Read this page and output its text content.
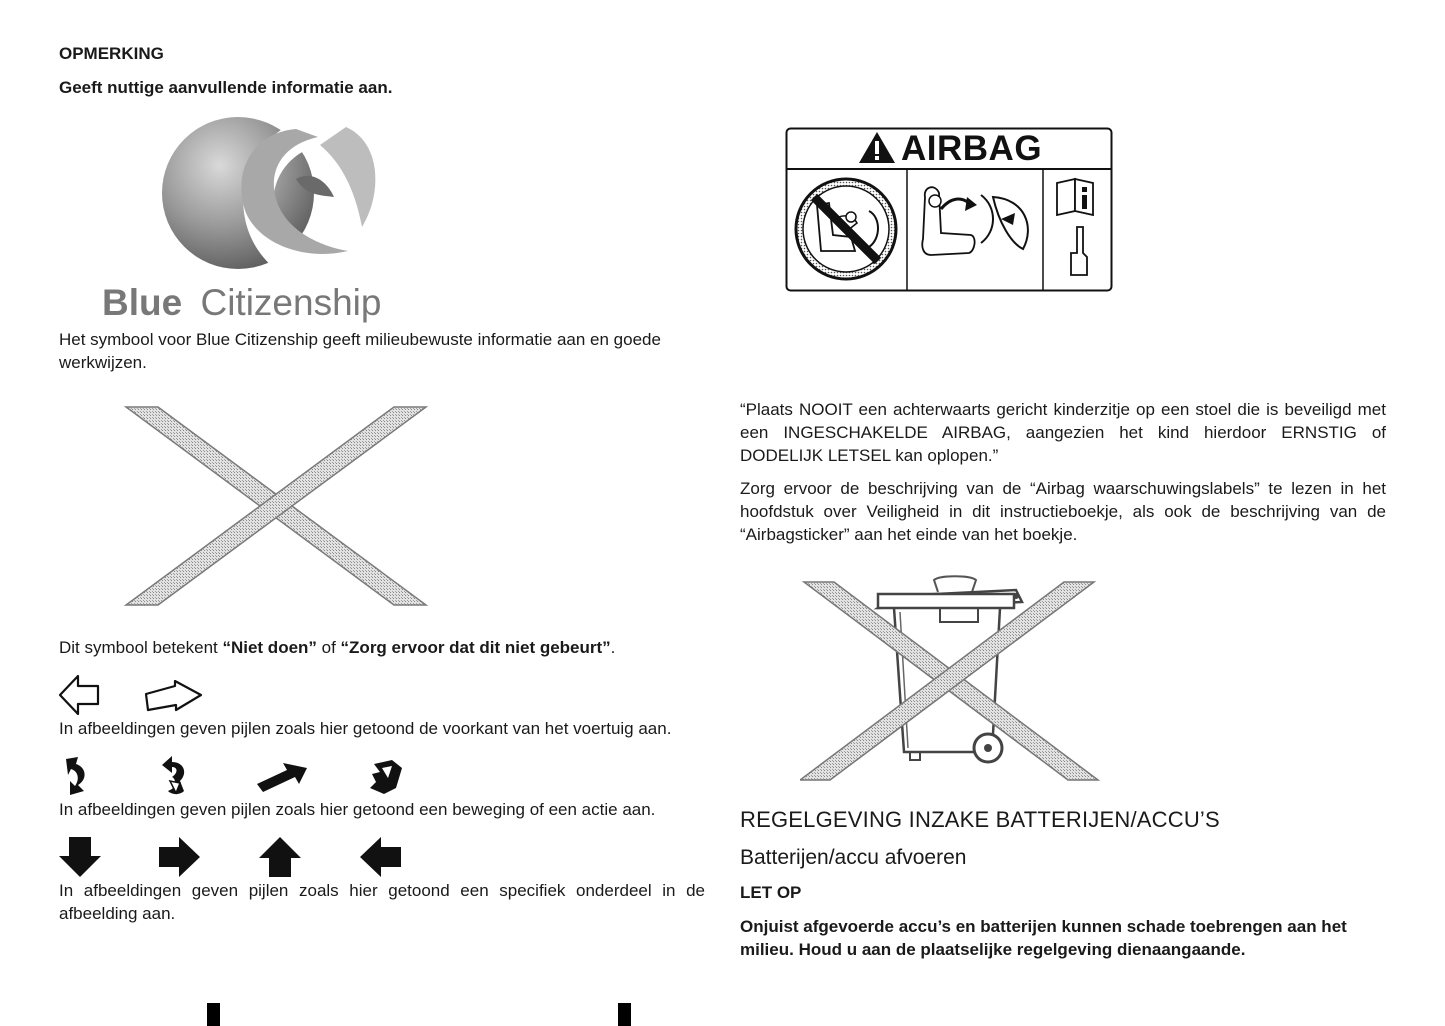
OPMERKING
Geeft nuttige aanvullende informatie aan.
Blue Citizenship
Het symbool voor Blue Citizenship geeft milieubewuste informatie aan en goede werkwijzen.
Dit symbool betekent “Niet doen” of “Zorg ervoor dat dit niet gebeurt”.
In afbeeldingen geven pijlen zoals hier getoond de voorkant van het voertuig aan.
In afbeeldingen geven pijlen zoals hier getoond een beweging of een actie aan.
In afbeeldingen geven pijlen zoals hier getoond een specifiek onderdeel in de afbeelding aan.
AIRBAG
“Plaats NOOIT een achterwaarts gericht kinderzitje op een stoel die is beveiligd met een INGESCHAKELDE AIRBAG, aangezien het kind hierdoor ERNSTIG of DODELIJK LETSEL kan oplopen.”
Zorg ervoor de beschrijving van de “Airbag waarschuwingslabels” te lezen in het hoofdstuk over Veiligheid in dit instructieboekje, als ook de beschrijving van de “Airbagsticker” aan het einde van het boekje.
REGELGEVING INZAKE BATTERIJEN/ACCU’S
Batterijen/accu afvoeren
LET OP
Onjuist afgevoerde accu’s en batterijen kunnen schade toebrengen aan het milieu. Houd u aan de plaatselijke regelgeving dienaangaande.
